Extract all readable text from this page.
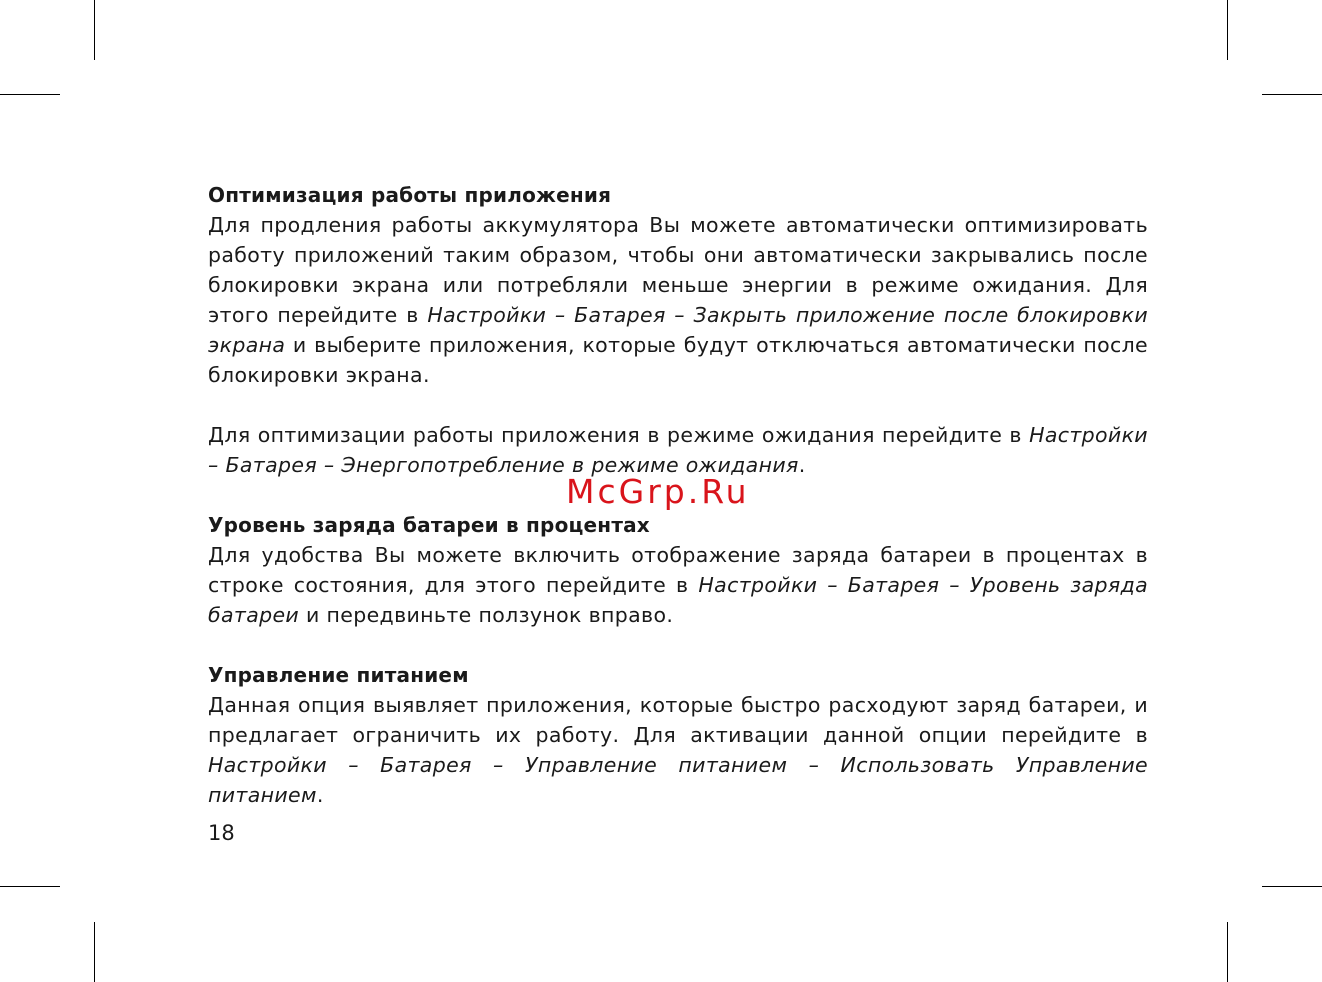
Оптимизация работы приложения

Для продления работы аккумулятора Вы можете автоматически оптимизировать работу приложений таким образом, чтобы они автоматически закрывались после блокировки экрана или потребляли меньше энергии в режиме ожидания. Для этого перейдите в Настройки – Батарея – Закрыть приложение после блокировки экрана и выберите приложения, которые будут отключаться автоматически после блокировки экрана.

Для оптимизации работы приложения в режиме ожидания перейдите в Настройки – Батарея – Энергопотребление в режиме ожидания.

Уровень заряда батареи в процентах

Для удобства Вы можете включить отображение заряда батареи в процентах в строке состояния, для этого перейдите в Настройки – Батарея – Уровень заряда батареи и передвиньте ползунок вправо.

Управление питанием

Данная опция выявляет приложения, которые быстро расходуют заряд батареи, и предлагает ограничить их работу. Для активации данной опции перейдите в Настройки – Батарея – Управление питанием – Использовать Управление питанием.

McGrp.Ru
18
